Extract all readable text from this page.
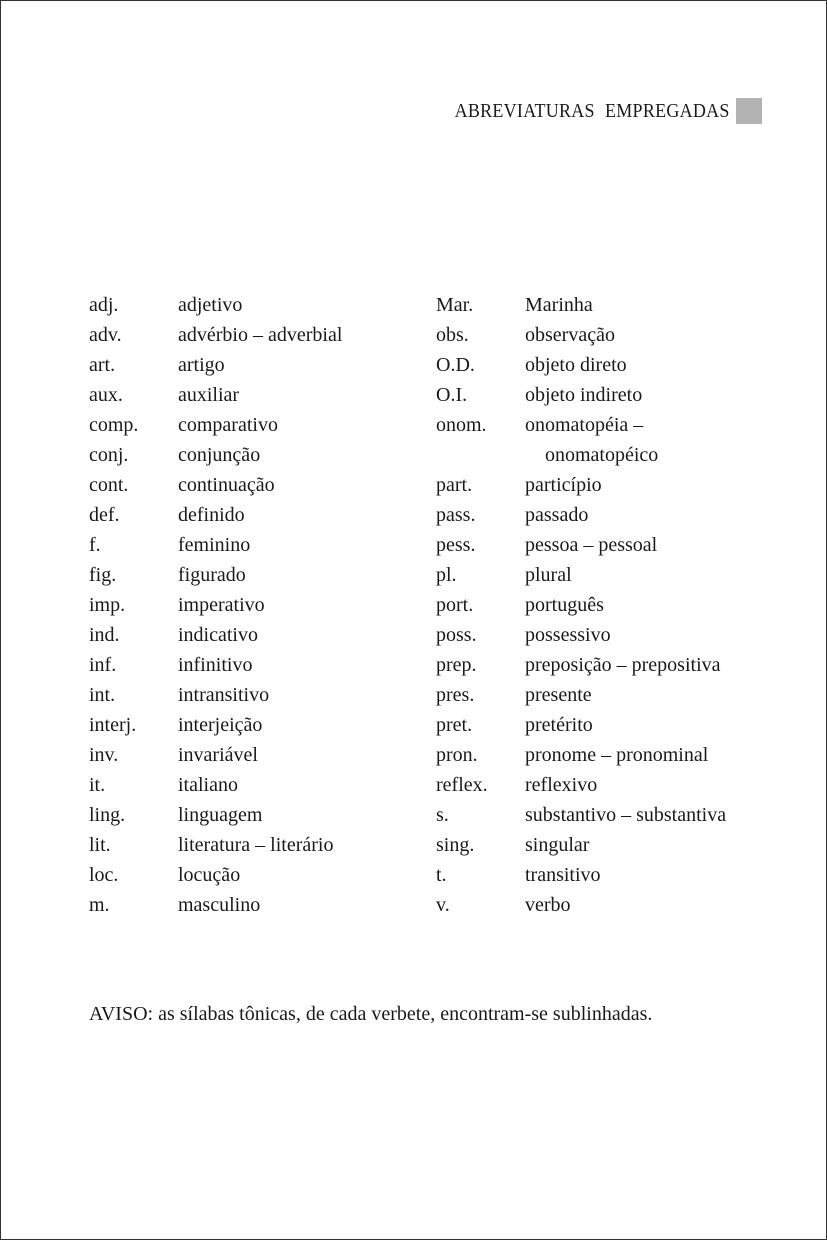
ABREVIATURAS EMPREGADAS
adj.	adjetivo
adv.	advérbio – adverbial
art.	artigo
aux.	auxiliar
comp.	comparativo
conj.	conjunção
cont.	continuação
def.	definido
f.	feminino
fig.	figurado
imp.	imperativo
ind.	indicativo
inf.	infinitivo
int.	intransitivo
interj.	interjeição
inv.	invariável
it.	italiano
ling.	linguagem
lit.	literatura – literário
loc.	locução
m.	masculino
Mar.	Marinha
obs.	observação
O.D.	objeto direto
O.I.	objeto indireto
onom.	onomatopéia –
onomatopéico
part.	particípio
pass.	passado
pess.	pessoa – pessoal
pl.	plural
port.	português
poss.	possessivo
prep.	preposição – prepositiva
pres.	presente
pret.	pretérito
pron.	pronome – pronominal
reflex.	reflexivo
s.	substantivo – substantiva
sing.	singular
t.	transitivo
v.	verbo
AVISO: as sílabas tônicas, de cada verbete, encontram-se sublinhadas.
